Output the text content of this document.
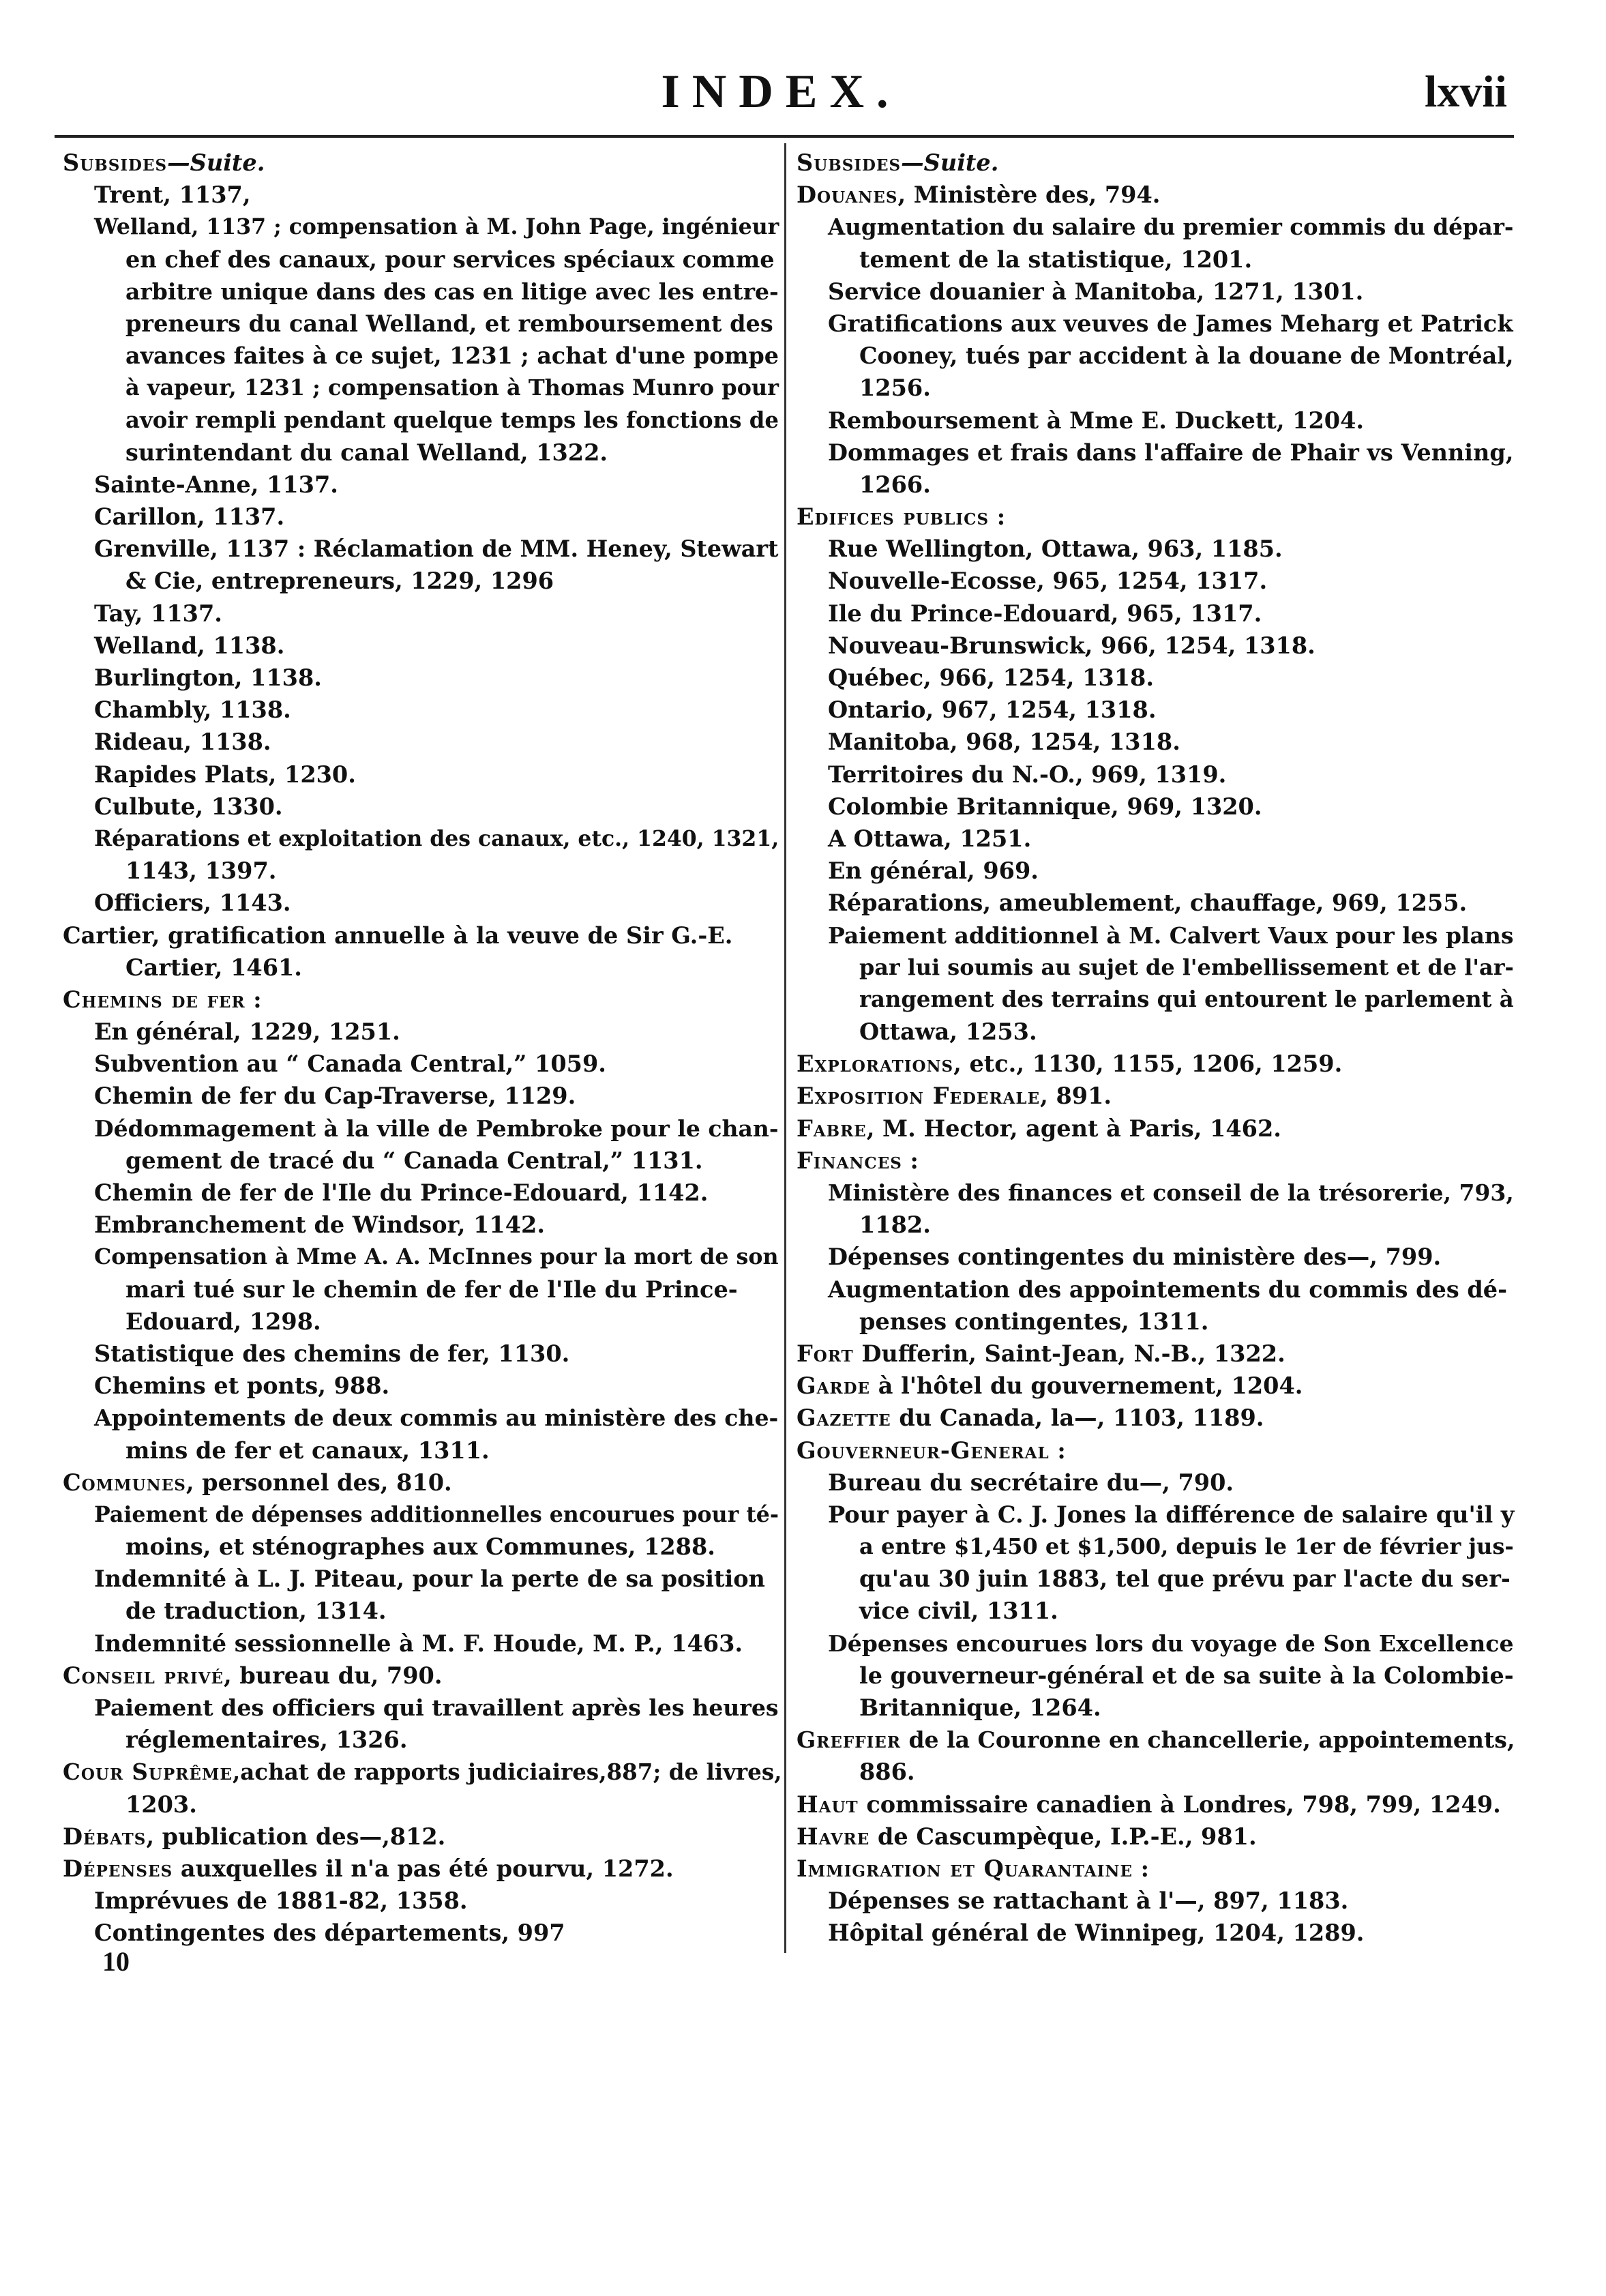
INDEX.	lxvii
Subsides—Suite.
Trent, 1137,
Welland, 1137 ; compensation à M. John Page, ingénieur
en chef des canaux, pour services spéciaux comme
arbitre unique dans des cas en litige avec les entre-
preneurs du canal Welland, et remboursement des
avances faites à ce sujet, 1231 ; achat d'une pompe
à vapeur, 1231 ; compensation à Thomas Munro pour
avoir rempli pendant quelque temps les fonctions de
surintendant du canal Welland, 1322.
Sainte-Anne, 1137.
Carillon, 1137.
Grenville, 1137 : Réclamation de MM. Heney, Stewart
& Cie, entrepreneurs, 1229, 1296
Tay, 1137.
Welland, 1138.
Burlington, 1138.
Chambly, 1138.
Rideau, 1138.
Rapides Plats, 1230.
Culbute, 1330.
Réparations et exploitation des canaux, etc., 1240, 1321,
1143, 1397.
Officiers, 1143.
Cartier, gratification annuelle à la veuve de Sir G.-E.
Cartier, 1461.
Chemins de fer :
En général, 1229, 1251.
Subvention au “ Canada Central,” 1059.
Chemin de fer du Cap-Traverse, 1129.
Dédommagement à la ville de Pembroke pour le chan-
gement de tracé du “ Canada Central,” 1131.
Chemin de fer de l'Ile du Prince-Edouard, 1142.
Embranchement de Windsor, 1142.
Compensation à Mme A. A. McInnes pour la mort de son
mari tué sur le chemin de fer de l'Ile du Prince-
Edouard, 1298.
Statistique des chemins de fer, 1130.
Chemins et ponts, 988.
Appointements de deux commis au ministère des che-
mins de fer et canaux, 1311.
Communes, personnel des, 810.
Paiement de dépenses additionnelles encourues pour té-
moins, et sténographes aux Communes, 1288.
Indemnité à L. J. Piteau, pour la perte de sa position
de traduction, 1314.
Indemnité sessionnelle à M. F. Houde, M. P., 1463.
Conseil privé, bureau du, 790.
Paiement des officiers qui travaillent après les heures
réglementaires, 1326.
Cour Suprême,achat de rapports judiciaires,887; de livres,
1203.
Débats, publication des—,812.
Dépenses auxquelles il n'a pas été pourvu, 1272.
Imprévues de 1881-82, 1358.
Contingentes des départements, 997
Subsides—Suite.
Douanes, Ministère des, 794.
Augmentation du salaire du premier commis du dépar-
tement de la statistique, 1201.
Service douanier à Manitoba, 1271, 1301.
Gratifications aux veuves de James Meharg et Patrick
Cooney, tués par accident à la douane de Montréal,
1256.
Remboursement à Mme E. Duckett, 1204.
Dommages et frais dans l'affaire de Phair vs Venning,
1266.
Edifices publics :
Rue Wellington, Ottawa, 963, 1185.
Nouvelle-Ecosse, 965, 1254, 1317.
Ile du Prince-Edouard, 965, 1317.
Nouveau-Brunswick, 966, 1254, 1318.
Québec, 966, 1254, 1318.
Ontario, 967, 1254, 1318.
Manitoba, 968, 1254, 1318.
Territoires du N.-O., 969, 1319.
Colombie Britannique, 969, 1320.
A Ottawa, 1251.
En général, 969.
Réparations, ameublement, chauffage, 969, 1255.
Paiement additionnel à M. Calvert Vaux pour les plans
par lui soumis au sujet de l'embellissement et de l'ar-
rangement des terrains qui entourent le parlement à
Ottawa, 1253.
Explorations, etc., 1130, 1155, 1206, 1259.
Exposition Federale, 891.
Fabre, M. Hector, agent à Paris, 1462.
Finances :
Ministère des finances et conseil de la trésorerie, 793,
1182.
Dépenses contingentes du ministère des—, 799.
Augmentation des appointements du commis des dé-
penses contingentes, 1311.
Fort Dufferin, Saint-Jean, N.-B., 1322.
Garde à l'hôtel du gouvernement, 1204.
Gazette du Canada, la—, 1103, 1189.
Gouverneur-General :
Bureau du secrétaire du—, 790.
Pour payer à C. J. Jones la différence de salaire qu'il y
a entre $1,450 et $1,500, depuis le 1er de février jus-
qu'au 30 juin 1883, tel que prévu par l'acte du ser-
vice civil, 1311.
Dépenses encourues lors du voyage de Son Excellence
le gouverneur-général et de sa suite à la Colombie-
Britannique, 1264.
Greffier de la Couronne en chancellerie, appointements,
886.
Haut commissaire canadien à Londres, 798, 799, 1249.
Havre de Cascumpèque, I.P.-E., 981.
Immigration et Quarantaine :
Dépenses se rattachant à l'—, 897, 1183.
Hôpital général de Winnipeg, 1204, 1289.
10
